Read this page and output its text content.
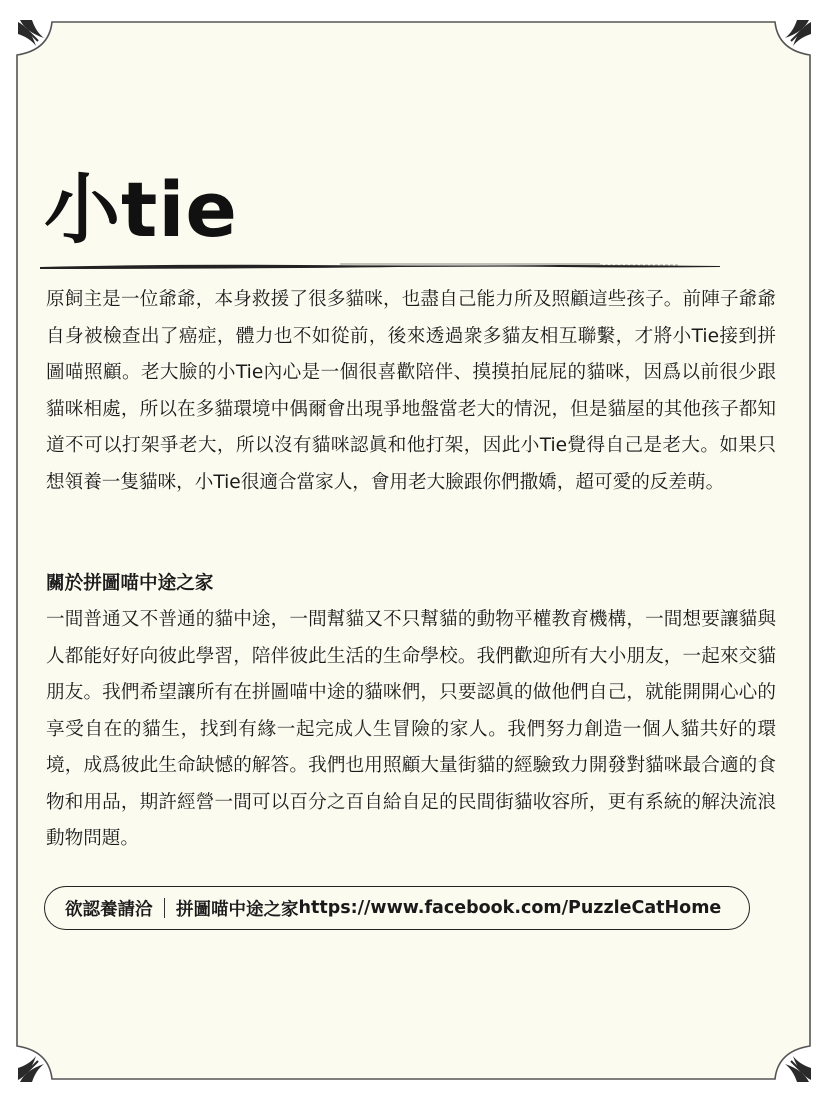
小tie

原飼主是一位爺爺，本身救援了很多貓咪，也盡自己能力所及照顧這些孩子。前陣子爺爺自身被檢查出了癌症，體力也不如從前，後來透過衆多貓友相互聯繫，才將小Tie接到拼圖喵照顧。老大臉的小Tie內心是一個很喜歡陪伴、摸摸拍屁屁的貓咪，因爲以前很少跟貓咪相處，所以在多貓環境中偶爾會出現爭地盤當老大的情況，但是貓屋的其他孩子都知道不可以打架爭老大，所以沒有貓咪認眞和他打架，因此小Tie覺得自己是老大。如果只想領養一隻貓咪，小Tie很適合當家人，會用老大臉跟你們撒嬌，超可愛的反差萌。

關於拼圖喵中途之家

一間普通又不普通的貓中途，一間幫貓又不只幫貓的動物平權教育機構，一間想要讓貓與人都能好好向彼此學習，陪伴彼此生活的生命學校。我們歡迎所有大小朋友，一起來交貓朋友。我們希望讓所有在拼圖喵中途的貓咪們，只要認眞的做他們自己，就能開開心心的享受自在的貓生，找到有緣一起完成人生冒險的家人。我們努力創造一個人貓共好的環境，成爲彼此生命缺憾的解答。我們也用照顧大量街貓的經驗致力開發對貓咪最合適的食物和用品，期許經營一間可以百分之百自給自足的民間街貓收容所，更有系統的解決流浪動物問題。

欲認養請洽 拼圖喵中途之家 https://www.facebook.com/PuzzleCatHome
